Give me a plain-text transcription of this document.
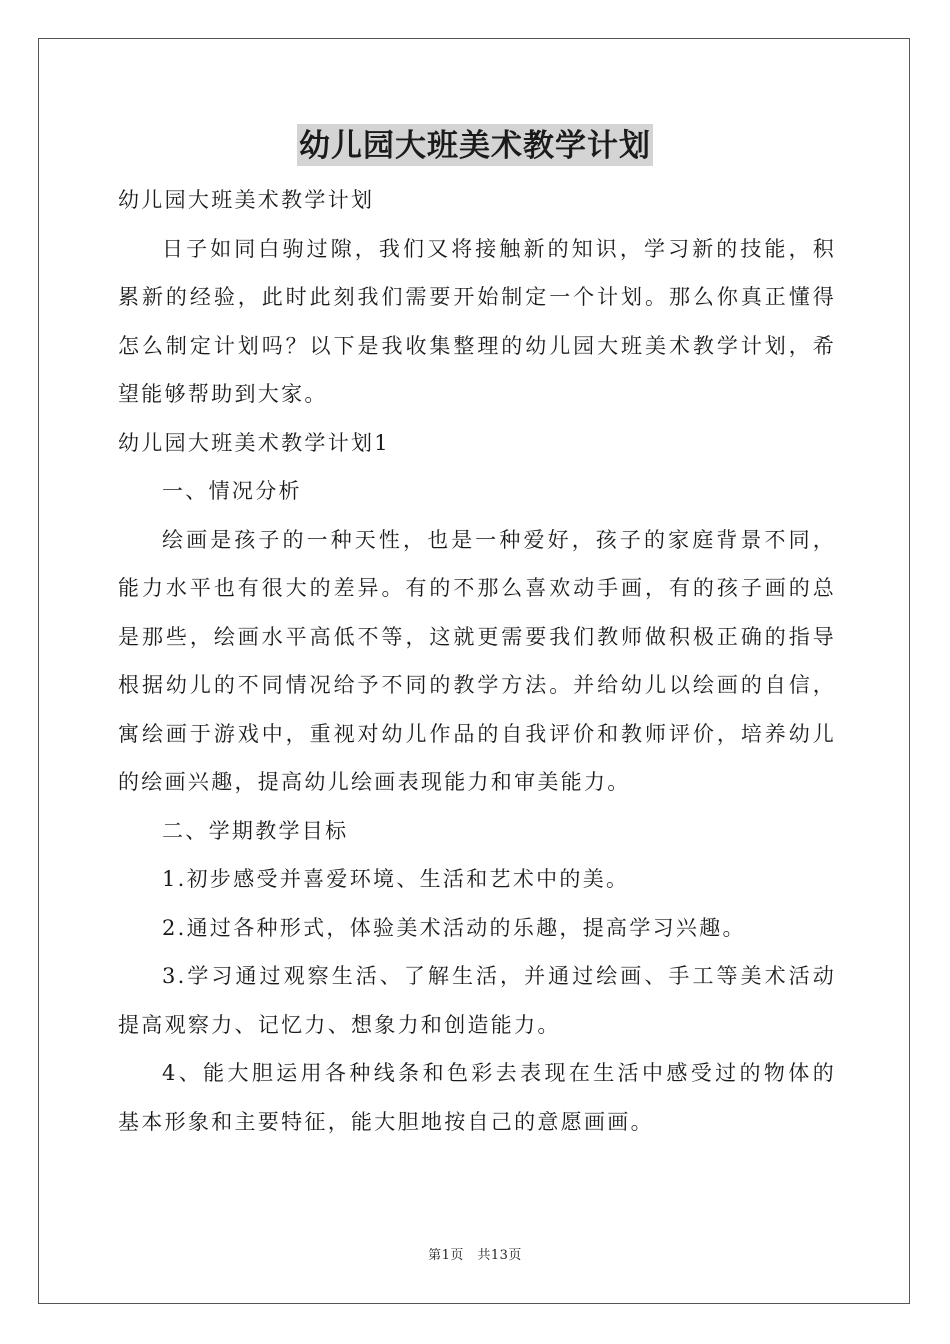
幼儿园大班美术教学计划
幼儿园大班美术教学计划
日子如同白驹过隙，我们又将接触新的知识，学习新的技能，积
累新的经验，此时此刻我们需要开始制定一个计划。那么你真正懂得
怎么制定计划吗？以下是我收集整理的幼儿园大班美术教学计划，希
望能够帮助到大家。
幼儿园大班美术教学计划1
一、情况分析
绘画是孩子的一种天性，也是一种爱好，孩子的家庭背景不同，
能力水平也有很大的差异。有的不那么喜欢动手画，有的孩子画的总
是那些，绘画水平高低不等，这就更需要我们教师做积极正确的指导
根据幼儿的不同情况给予不同的教学方法。并给幼儿以绘画的自信，
寓绘画于游戏中，重视对幼儿作品的自我评价和教师评价，培养幼儿
的绘画兴趣，提高幼儿绘画表现能力和审美能力。
二、学期教学目标
1.初步感受并喜爱环境、生活和艺术中的美。
2.通过各种形式，体验美术活动的乐趣，提高学习兴趣。
3.学习通过观察生活、了解生活，并通过绘画、手工等美术活动
提高观察力、记忆力、想象力和创造能力。
4、能大胆运用各种线条和色彩去表现在生活中感受过的物体的
基本形象和主要特征，能大胆地按自己的意愿画画。
第1页　共13页
